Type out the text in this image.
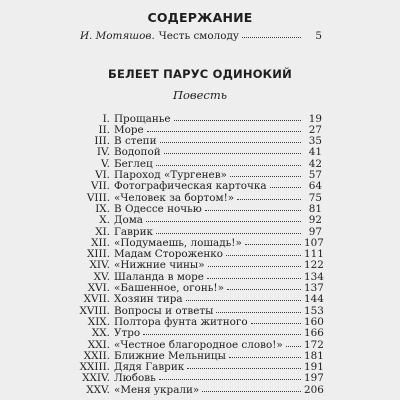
СОДЕРЖАНИЕ
И. Мотяшов. Честь смолоду	5
БЕЛЕЕТ ПАРУС ОДИНОКИЙ
Повесть
I. Прощанье	19
II. Море	27
III. В степи	35
IV. Водопой	41
V. Беглец	42
VI. Пароход «Тургенев»	57
VII. Фотографическая карточка	64
VIII. «Человек за бортом!»	75
IX. В Одессе ночью	81
X. Дома	92
XI. Гаврик	97
XII. «Подумаешь, лошадь!»	107
XIII. Мадам Стороженко	111
XIV. «Нижние чины»	122
XV. Шаланда в море	134
XVI. «Башенное, огонь!»	137
XVII. Хозяин тира	144
XVIII. Вопросы и ответы	153
XIX. Полтора фунта житного	160
XX. Утро	166
XXI. «Честное благородное слово!» 172
XXII. Ближние Мельницы	181
XXIII. Дядя Гаврик	191
XXIV. Любовь	197
XXV. «Меня украли»	206
